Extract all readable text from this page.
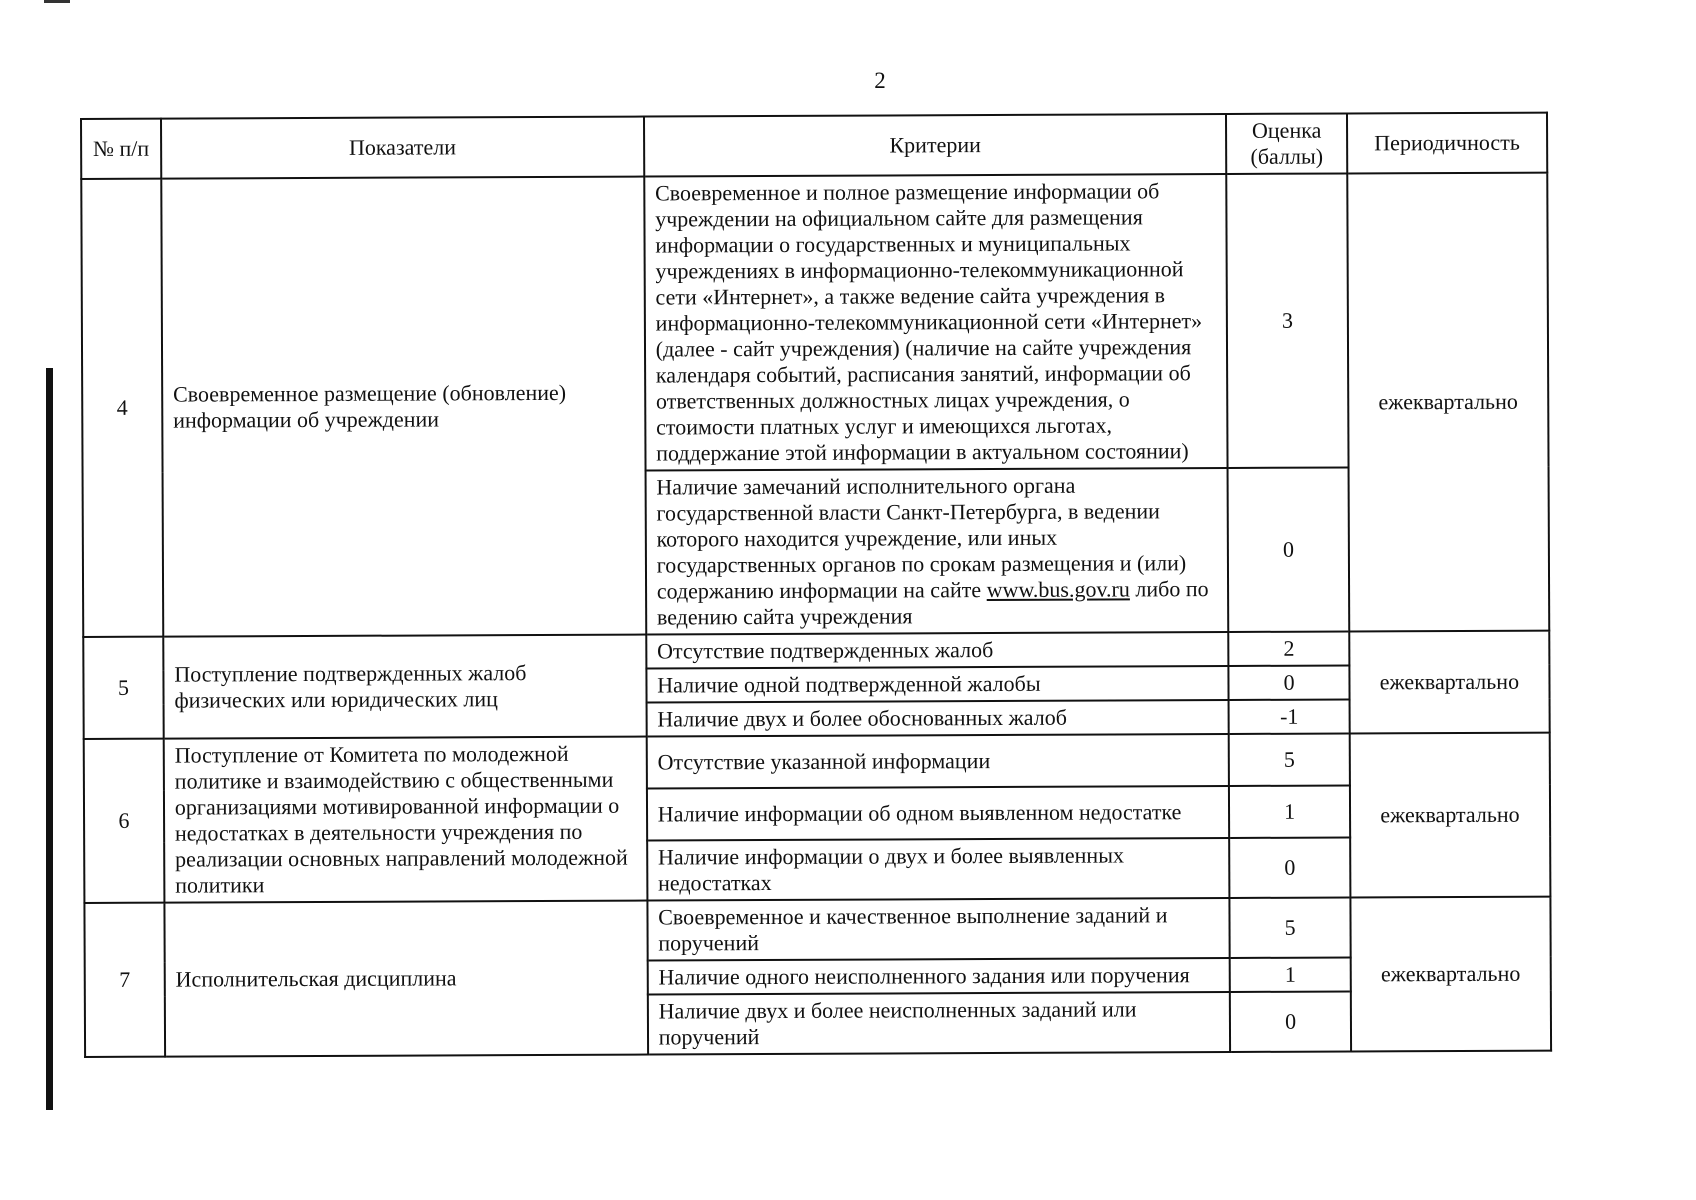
2
№ п/п	Показатели	Критерии	Оценка (баллы)	Периодичность
4	Своевременное размещение (обновление) информации об учреждении	Своевременное и полное размещение информации об учреждении на официальном сайте для размещения информации о государственных и муниципальных учреждениях в информационно-телекоммуникационной сети «Интернет», а также ведение сайта учреждения в информационно-телекоммуникационной сети «Интернет» (далее - сайт учреждения) (наличие на сайте учреждения календаря событий, расписания занятий, информации об ответственных должностных лицах учреждения, о стоимости платных услуг и имеющихся льготах, поддержание этой информации в актуальном состоянии)	3	ежеквартально
		Наличие замечаний исполнительного органа государственной власти Санкт-Петербурга, в ведении которого находится учреждение, или иных государственных органов по срокам размещения и (или) содержанию информации на сайте www.bus.gov.ru либо по ведению сайта учреждения	0	
5	Поступление подтвержденных жалоб физических или юридических лиц	Отсутствие подтвержденных жалоб	2	ежеквартально
		Наличие одной подтвержденной жалобы	0	
		Наличие двух и более обоснованных жалоб	-1	
6	Поступление от Комитета по молодежной политике и взаимодействию с общественными организациями мотивированной информации о недостатках в деятельности учреждения по реализации основных направлений молодежной политики	Отсутствие указанной информации	5	ежеквартально
		Наличие информации об одном выявленном недостатке	1	
		Наличие информации о двух и более выявленных недостатках	0	
7	Исполнительская дисциплина	Своевременное и качественное выполнение заданий и поручений	5	ежеквартально
		Наличие одного неисполненного задания или поручения	1	
		Наличие двух и более неисполненных заданий или поручений	0	
